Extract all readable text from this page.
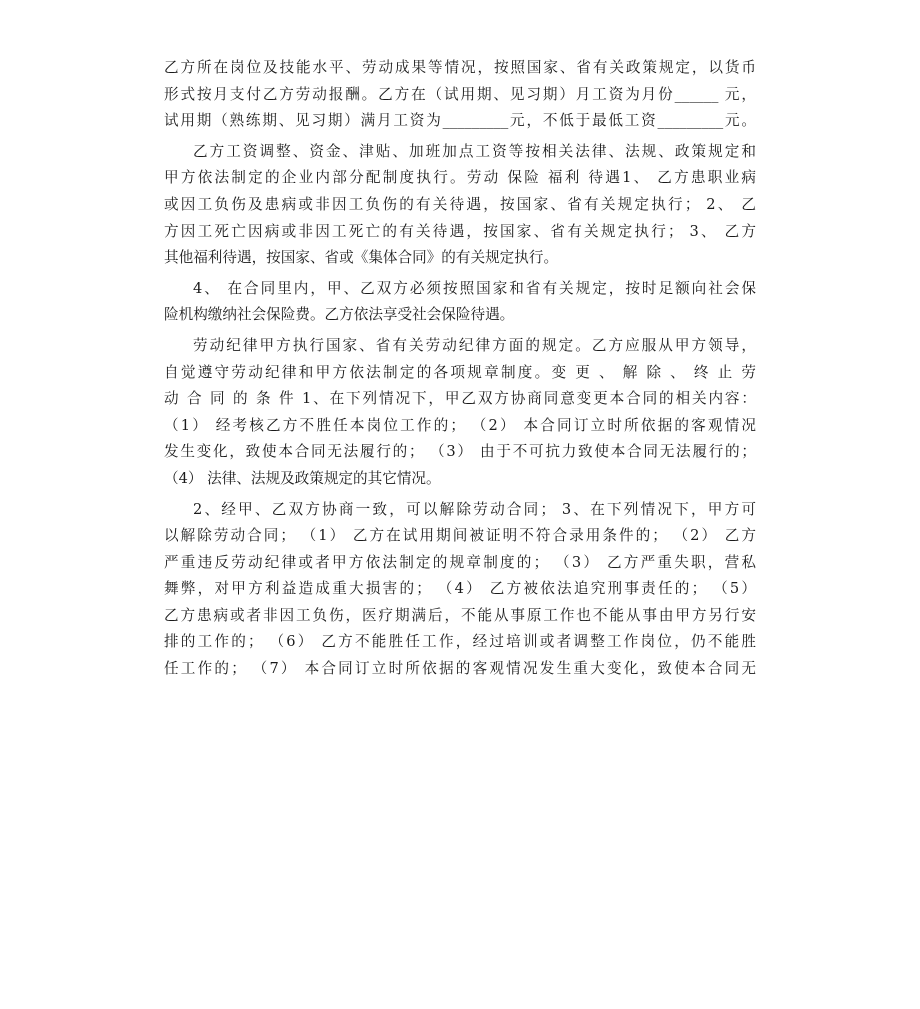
乙方所在岗位及技能水平、劳动成果等情况，按照国家、省有关政策规定，以货币
形式按月支付乙方劳动报酬。乙方在（试用期、见习期）月工资为月份______ 元，
试用期（熟练期、见习期）满月工资为_________元，不低于最低工资_________元。
乙方工资调整、资金、津贴、加班加点工资等按相关法律、法规、政策规定和
甲方依法制定的企业内部分配制度执行。劳动 保险 福利 待遇1、 乙方患职业病
或因工负伤及患病或非因工负伤的有关待遇，按国家、省有关规定执行； 2、 乙
方因工死亡因病或非因工死亡的有关待遇，按国家、省有关规定执行； 3、 乙方
其他福利待遇，按国家、省或《集体合同》的有关规定执行。
4、 在合同里内，甲、乙双方必须按照国家和省有关规定，按时足额向社会保
险机构缴纳社会保险费。乙方依法享受社会保险待遇。
劳动纪律甲方执行国家、省有关劳动纪律方面的规定。乙方应服从甲方领导，
自觉遵守劳动纪律和甲方依法制定的各项规章制度。变 更 、 解 除 、 终 止 劳
动 合 同 的 条 件 1、在下列情况下，甲乙双方协商同意变更本合同的相关内容：
（1） 经考核乙方不胜任本岗位工作的； （2） 本合同订立时所依据的客观情况
发生变化，致使本合同无法履行的； （3） 由于不可抗力致使本合同无法履行的；
（4） 法律、法规及政策规定的其它情况。
2、经甲、乙双方协商一致，可以解除劳动合同； 3、在下列情况下，甲方可
以解除劳动合同； （1） 乙方在试用期间被证明不符合录用条件的； （2） 乙方
严重违反劳动纪律或者甲方依法制定的规章制度的； （3） 乙方严重失职，营私
舞弊，对甲方利益造成重大损害的； （4） 乙方被依法追究刑事责任的； （5）
乙方患病或者非因工负伤，医疗期满后，不能从事原工作也不能从事由甲方另行安
排的工作的； （6） 乙方不能胜任工作，经过培训或者调整工作岗位，仍不能胜
任工作的； （7） 本合同订立时所依据的客观情况发生重大变化，致使本合同无
